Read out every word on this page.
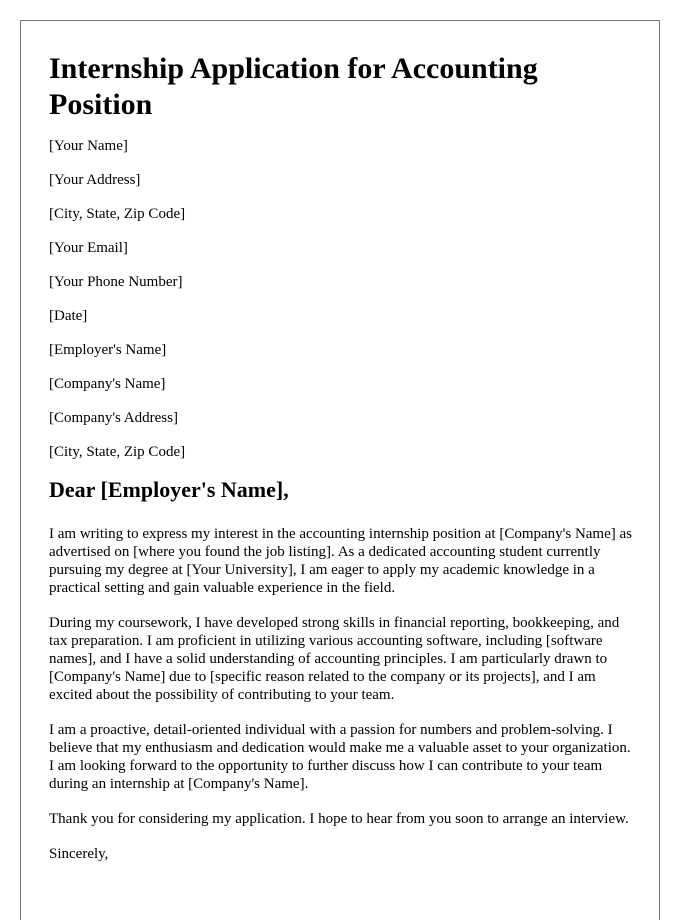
Internship Application for Accounting Position
[Your Name]
[Your Address]
[City, State, Zip Code]
[Your Email]
[Your Phone Number]
[Date]
[Employer's Name]
[Company's Name]
[Company's Address]
[City, State, Zip Code]
Dear [Employer's Name],

I am writing to express my interest in the accounting internship position at [Company's Name] as advertised on [where you found the job listing]. As a dedicated accounting student currently pursuing my degree at [Your University], I am eager to apply my academic knowledge in a practical setting and gain valuable experience in the field.

During my coursework, I have developed strong skills in financial reporting, bookkeeping, and tax preparation. I am proficient in utilizing various accounting software, including [software names], and I have a solid understanding of accounting principles. I am particularly drawn to [Company's Name] due to [specific reason related to the company or its projects], and I am excited about the possibility of contributing to your team.

I am a proactive, detail-oriented individual with a passion for numbers and problem-solving. I believe that my enthusiasm and dedication would make me a valuable asset to your organization. I am looking forward to the opportunity to further discuss how I can contribute to your team during an internship at [Company's Name].

Thank you for considering my application. I hope to hear from you soon to arrange an interview.

Sincerely,
